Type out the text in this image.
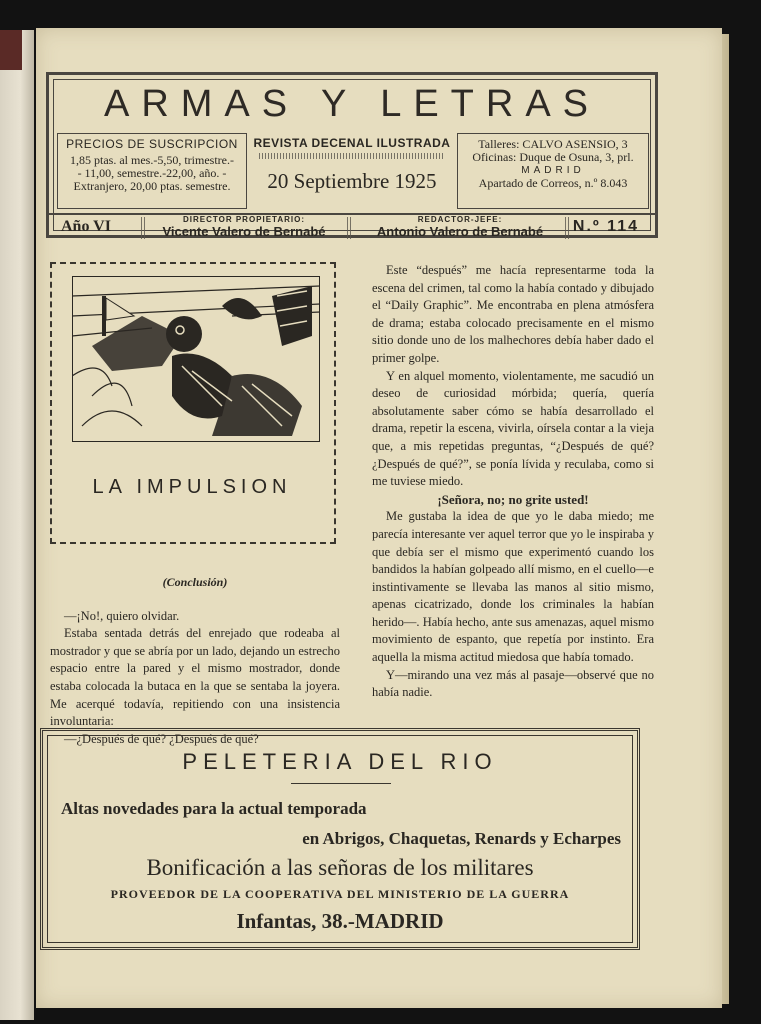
ARMAS Y LETRAS
PRECIOS DE SUSCRIPCION
1,85 ptas. al mes.-5,50, trimestre.-
- 11,00, semestre.-22,00, año. -
Extranjero, 20,00 ptas. semestre.
REVISTA DECENAL ILUSTRADA
20 Septiembre 1925
Talleres: CALVO ASENSIO, 3
Oficinas: Duque de Osuna, 3, prl.
MADRID
Apartado de Correos, n.º 8.043
Año VI	DIRECTOR PROPIETARIO:
Vicente Valero de Bernabé
REDACTOR-JEFE:
Antonio Valero de Bernabé	N.º 114
LA IMPULSION

Este “después” me hacía representarme toda la escena del crimen, tal como la había contado y dibujado el “Daily Graphic”. Me encontraba en plena atmósfera de drama; estaba colocado precisamente en el mismo sitio donde uno de los malhechores debía haber dado el primer golpe.

Y en alquel momento, violentamente, me sacudió un deseo de curiosidad mórbida; quería, quería absolutamente saber cómo se había desarrollado el drama, repetir la escena, vivirla, oírsela contar a la vieja que, a mis repetidas preguntas, “¿Después de qué? ¿Después de qué?”, se ponía lívida y reculaba, como si me tuviese miedo.

¡Señora, no; no grite usted!

Me gustaba la idea de que yo le daba miedo; me parecía interesante ver aquel terror que yo le inspiraba y que debía ser el mismo que experimentó cuando los bandidos la habían golpeado allí mismo, en el cuello—e instintivamente se llevaba las manos al sitio mismo, apenas cicatrizado, donde los criminales la habían herido—. Había hecho, ante sus amenazas, aquel mismo movimiento de espanto, que repetía por instinto. Era aquella la misma actitud miedosa que había tomado.

Y—mirando una vez más al pasaje—observé que no había nadie.

(Conclusión)

—¡No!, quiero olvidar.

Estaba sentada detrás del enrejado que rodeaba al mostrador y que se abría por un lado, dejando un estrecho espacio entre la pared y el mismo mostrador, donde estaba colocada la butaca en la que se sentaba la joyera. Me acerqué todavía, repitiendo con una insistencia involuntaria:

—¿Después de qué? ¿Después de qué?

PELETERIA DEL RIO
Altas novedades para la actual temporada
en Abrigos, Chaquetas, Renards y Echarpes
Bonificación a las señoras de los militares
PROVEEDOR DE LA COOPERATIVA DEL MINISTERIO DE LA GUERRA
Infantas, 38.-MADRID
